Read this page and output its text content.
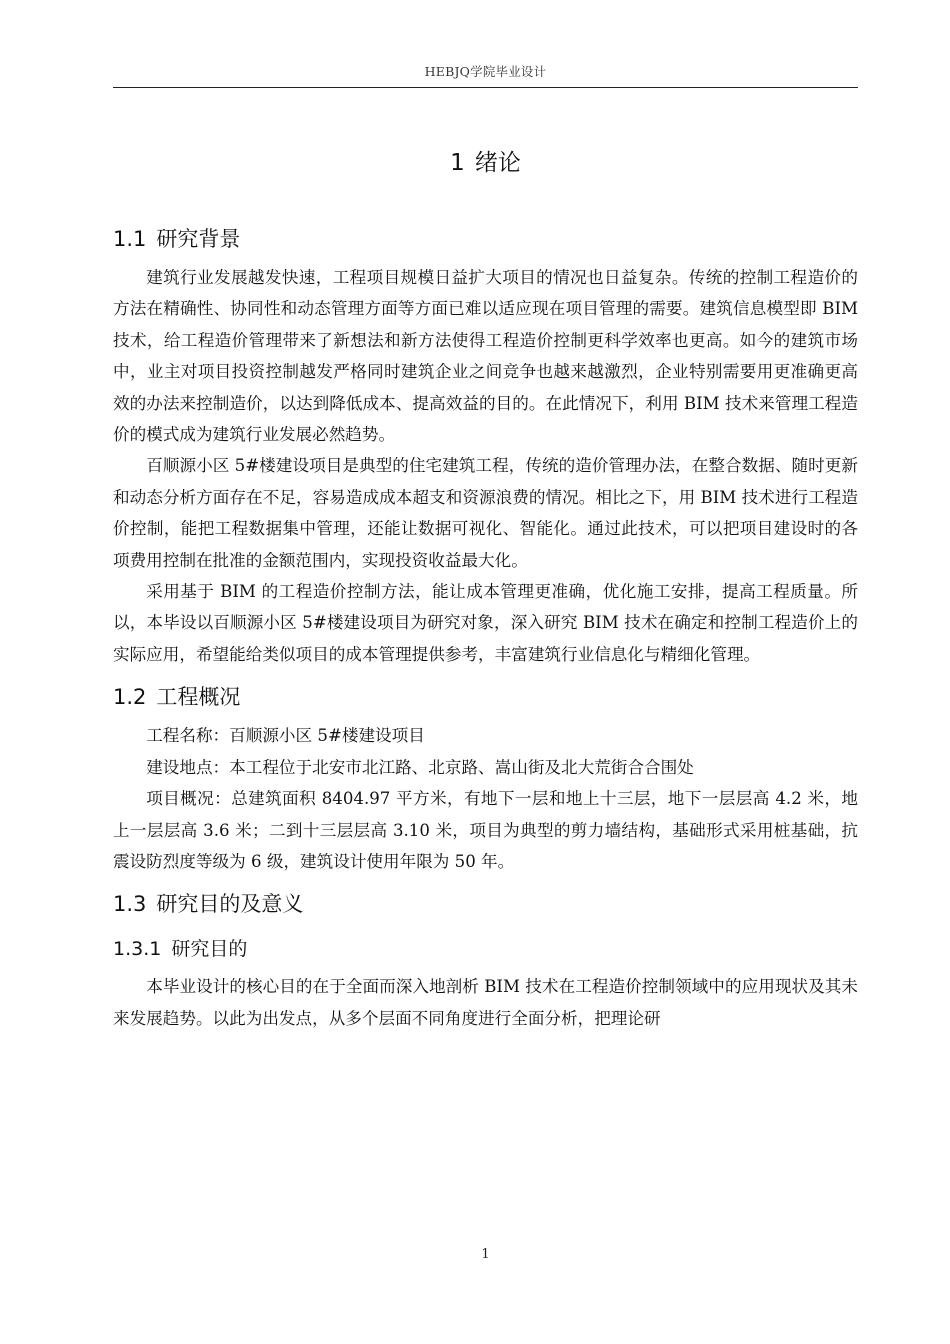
HEBJQ学院毕业设计
1 绪论
1.1 研究背景

建筑行业发展越发快速，工程项目规模日益扩大项目的情况也日益复杂。传统的控制工程造价的方法在精确性、协同性和动态管理方面等方面已难以适应现在项目管理的需要。建筑信息模型即 BIM 技术，给工程造价管理带来了新想法和新方法使得工程造价控制更科学效率也更高。如今的建筑市场中，业主对项目投资控制越发严格同时建筑企业之间竞争也越来越激烈，企业特别需要用更准确更高效的办法来控制造价，以达到降低成本、提高效益的目的。在此情况下，利用 BIM 技术来管理工程造价的模式成为建筑行业发展必然趋势。

百顺源小区 5#楼建设项目是典型的住宅建筑工程，传统的造价管理办法，在整合数据、随时更新和动态分析方面存在不足，容易造成成本超支和资源浪费的情况。相比之下，用 BIM 技术进行工程造价控制，能把工程数据集中管理，还能让数据可视化、智能化。通过此技术，可以把项目建设时的各项费用控制在批准的金额范围内，实现投资收益最大化。

采用基于 BIM 的工程造价控制方法，能让成本管理更准确，优化施工安排，提高工程质量。所以，本毕设以百顺源小区 5#楼建设项目为研究对象，深入研究 BIM 技术在确定和控制工程造价上的实际应用，希望能给类似项目的成本管理提供参考，丰富建筑行业信息化与精细化管理。

1.2 工程概况

工程名称：百顺源小区 5#楼建设项目

建设地点：本工程位于北安市北江路、北京路、嵩山街及北大荒街合合围处

项目概况：总建筑面积 8404.97 平方米，有地下一层和地上十三层，地下一层层高 4.2 米，地上一层层高 3.6 米；二到十三层层高 3.10 米，项目为典型的剪力墙结构，基础形式采用桩基础，抗震设防烈度等级为 6 级，建筑设计使用年限为 50 年。

1.3 研究目的及意义
1.3.1 研究目的

本毕业设计的核心目的在于全面而深入地剖析 BIM 技术在工程造价控制领域中的应用现状及其未来发展趋势。以此为出发点，从多个层面不同角度进行全面分析，把理论研

1
